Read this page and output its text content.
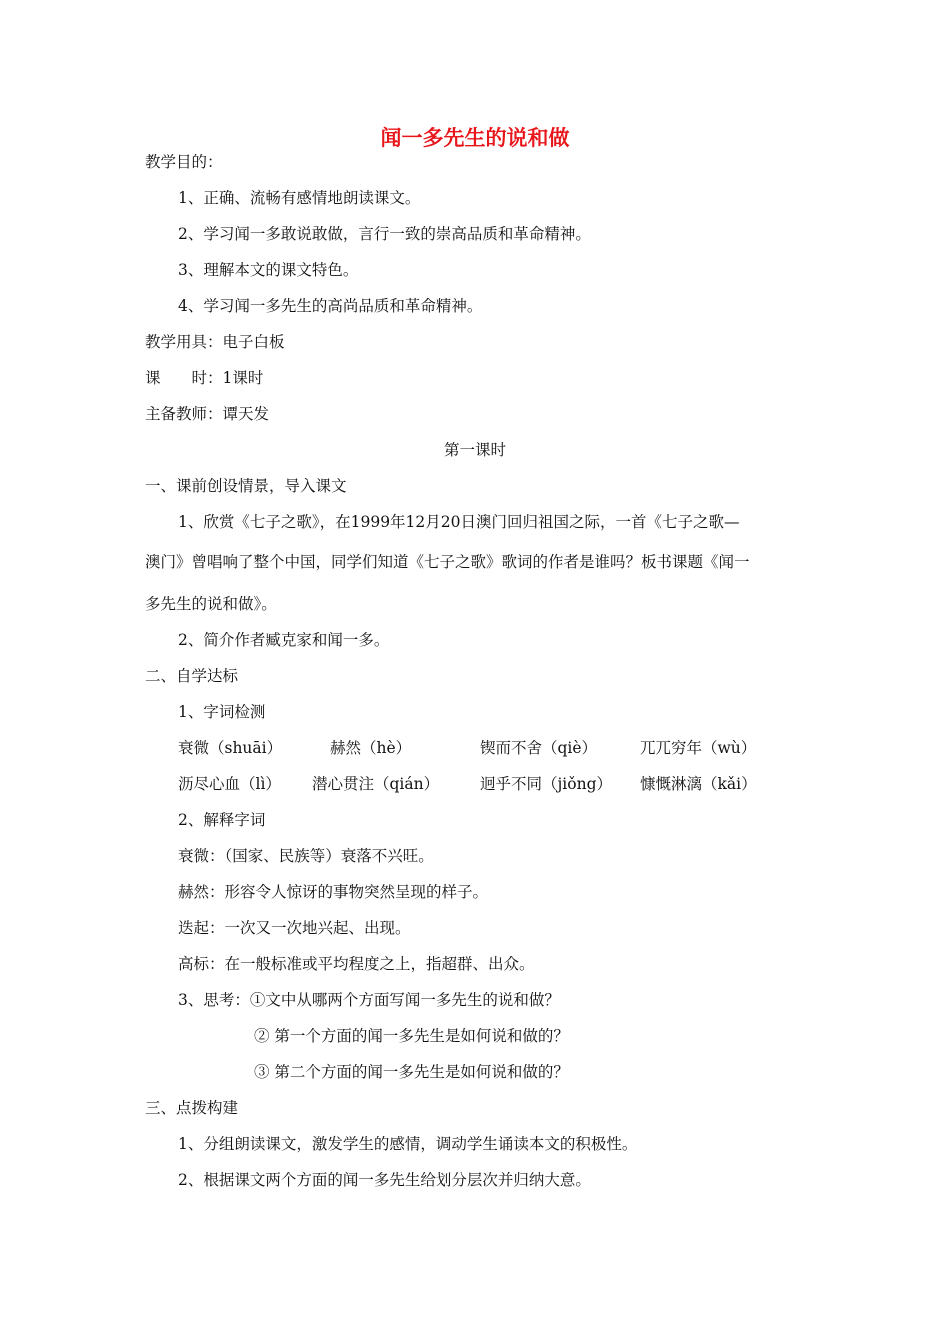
闻一多先生的说和做
教学目的：
1、正确、流畅有感情地朗读课文。
2、学习闻一多敢说敢做，言行一致的崇高品质和革命精神。
3、理解本文的课文特色。
4、学习闻一多先生的高尚品质和革命精神。
教学用具：电子白板
课　　时：1课时
主备教师：谭天发
第一课时
一、课前创设情景，导入课文
1、欣赏《七子之歌》，在1999年12月20日澳门回归祖国之际，一首《七子之歌—
澳门》曾唱响了整个中国，同学们知道《七子之歌》歌词的作者是谁吗？板书课题《闻一
多先生的说和做》。
2、简介作者臧克家和闻一多。
二、自学达标
1、字词检测
衰微（shuāi）	赫然（hè）	锲而不舍（qiè）	兀兀穷年（wù）
沥尽心血（lì） 潜心贯注（qián）	迥乎不同（jiǒng） 慷慨淋漓（kǎi）
2、解释字词
衰微：（国家、民族等）衰落不兴旺。
赫然：形容令人惊讶的事物突然呈现的样子。
迭起：一次又一次地兴起、出现。
高标：在一般标准或平均程度之上，指超群、出众。
3、思考：①文中从哪两个方面写闻一多先生的说和做？
② 第一个方面的闻一多先生是如何说和做的？
③ 第二个方面的闻一多先生是如何说和做的？
三、点拨构建
1、分组朗读课文，激发学生的感情，调动学生诵读本文的积极性。
2、根据课文两个方面的闻一多先生给划分层次并归纳大意。
